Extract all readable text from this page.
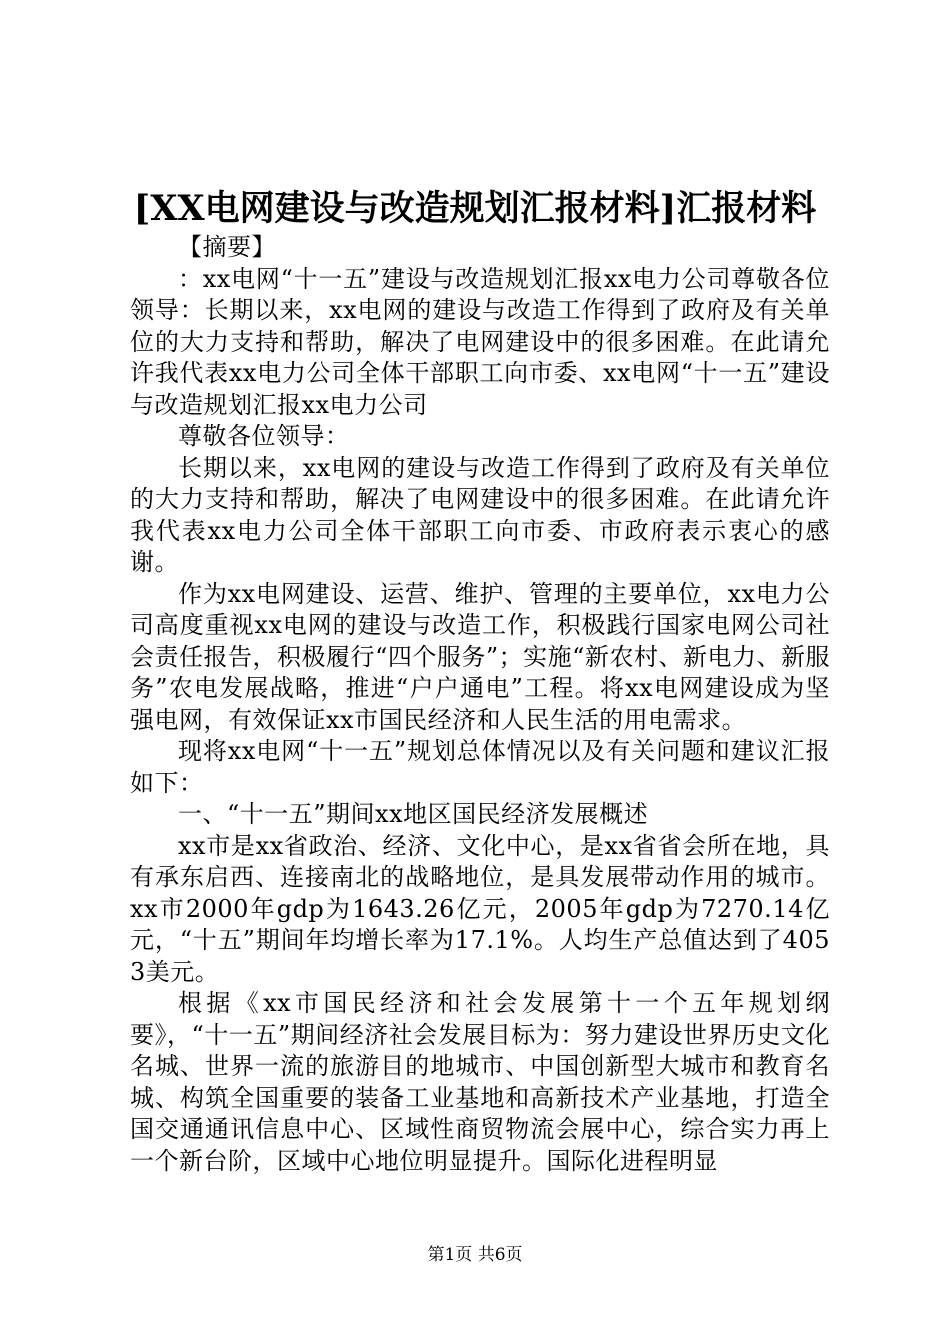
[XX电网建设与改造规划汇报材料]汇报材料

【摘要】

：xx电网“十一五”建设与改造规划汇报xx电力公司尊敬各位领导：长期以来，xx电网的建设与改造工作得到了政府及有关单位的大力支持和帮助，解决了电网建设中的很多困难。在此请允许我代表xx电力公司全体干部职工向市委、xx电网“十一五”建设与改造规划汇报xx电力公司

尊敬各位领导：

长期以来，xx电网的建设与改造工作得到了政府及有关单位的大力支持和帮助，解决了电网建设中的很多困难。在此请允许我代表xx电力公司全体干部职工向市委、市政府表示衷心的感谢。

作为xx电网建设、运营、维护、管理的主要单位，xx电力公司高度重视xx电网的建设与改造工作，积极践行国家电网公司社会责任报告，积极履行“四个服务”；实施“新农村、新电力、新服务”农电发展战略，推进“户户通电”工程。将xx电网建设成为坚强电网，有效保证xx市国民经济和人民生活的用电需求。

现将xx电网“十一五”规划总体情况以及有关问题和建议汇报如下：

一、“十一五”期间xx地区国民经济发展概述

xx市是xx省政治、经济、文化中心，是xx省省会所在地，具有承东启西、连接南北的战略地位，是具发展带动作用的城市。xx市2000年gdp为1643.26亿元，2005年gdp为7270.14亿元，“十五”期间年均增长率为17.1%。人均生产总值达到了4053美元。

根据《xx市国民经济和社会发展第十一个五年规划纲要》，“十一五”期间经济社会发展目标为：努力建设世界历史文化名城、世界一流的旅游目的地城市、中国创新型大城市和教育名城、构筑全国重要的装备工业基地和高新技术产业基地，打造全国交通通讯信息中心、区域性商贸物流会展中心，综合实力再上一个新台阶，区域中心地位明显提升。国际化进程明显

第1页 共6页
